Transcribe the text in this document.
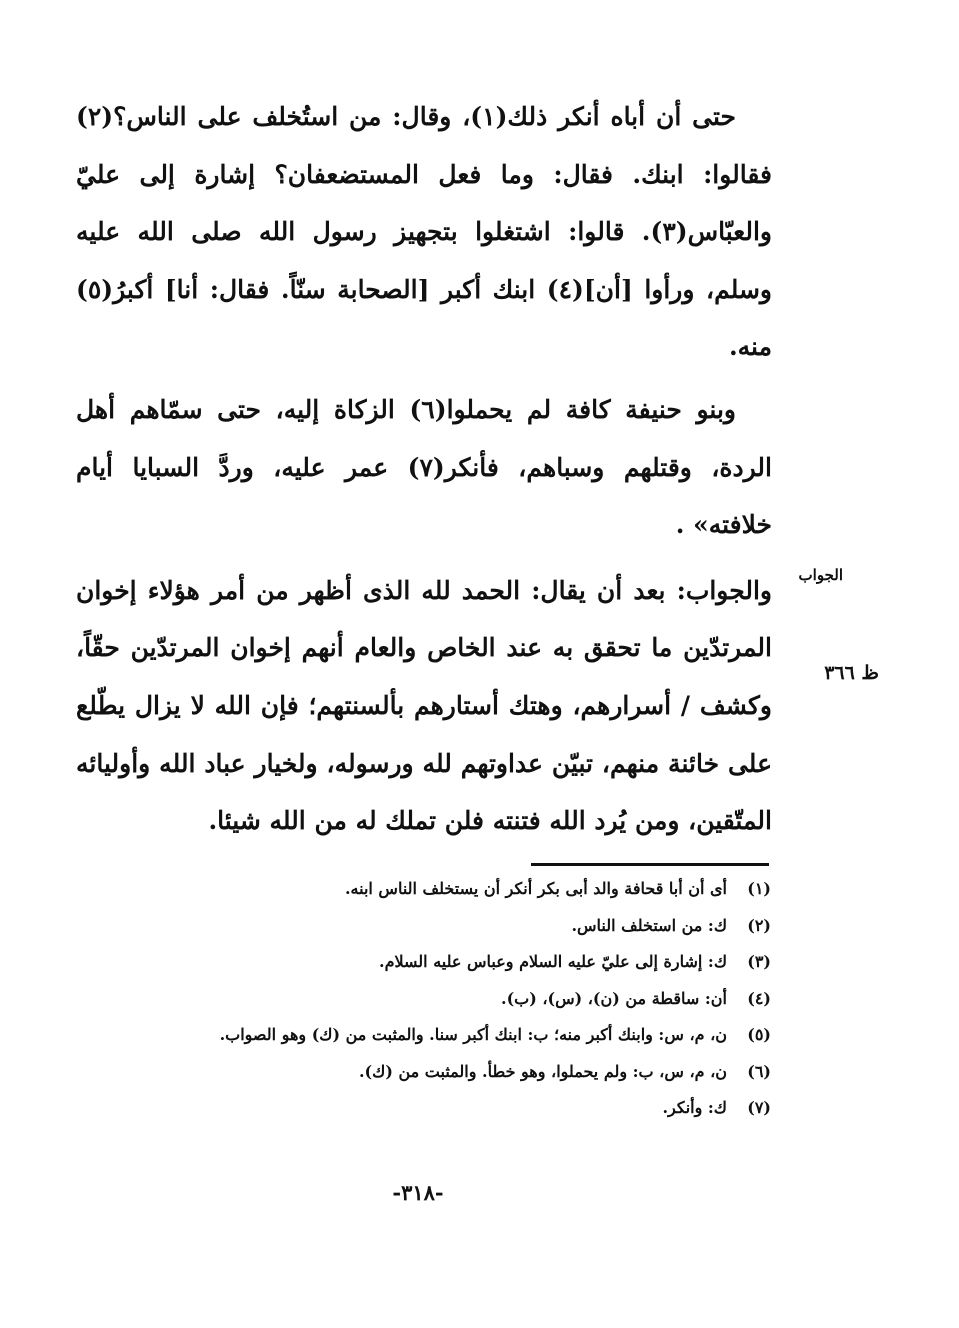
حتى أن أباه أنكر ذلك(١)، وقال: من استُخلف على الناس؟(٢) فقالوا: ابنك. فقال: وما فعل المستضعفان؟ إشارة إلى عليّ والعبّاس(٣). قالوا: اشتغلوا بتجهيز رسول الله صلى الله عليه وسلم، ورأوا [أن](٤) ابنك أكبر [الصحابة سنّاً. فقال: أنا] أكبرُ(٥) منه.

وبنو حنيفة كافة لم يحملوا(٦) الزكاة إليه، حتى سمّاهم أهل الردة، وقتلهم وسباهم، فأنكر(٧) عمر عليه، وردَّ السبايا أيام خلافته» .

والجواب: بعد أن يقال: الحمد لله الذى أظهر من أمر هؤلاء إخوان المرتدّين ما تحقق به عند الخاص والعام أنهم إخوان المرتدّين حقّاً، وكشف / أسرارهم، وهتك أستارهم بألسنتهم؛ فإن الله لا يزال يطّلع على خائنة منهم، تبيّن عداوتهم لله ورسوله، ولخيار عباد الله وأوليائه المتّقين، ومن يُرد الله فتنته فلن تملك له من الله شيئا.

الجواب
ظ ٣٦٦
(١)
أى أن أبا قحافة والد أبى بكر أنكر أن يستخلف الناس ابنه.
(٢)
ك: من استخلف الناس.
(٣)
ك: إشارة إلى عليّ عليه السلام وعباس عليه السلام.
(٤)
أن: ساقطة من (ن)، (س)، (ب).
(٥)
ن، م، س: وابنك أكبر منه؛ ب: ابنك أكبر سنا. والمثبت من (ك) وهو الصواب.
(٦)
ن، م، س، ب: ولم يحملوا، وهو خطأ. والمثبت من (ك).
(٧)
ك: وأنكر.
-٣١٨-
